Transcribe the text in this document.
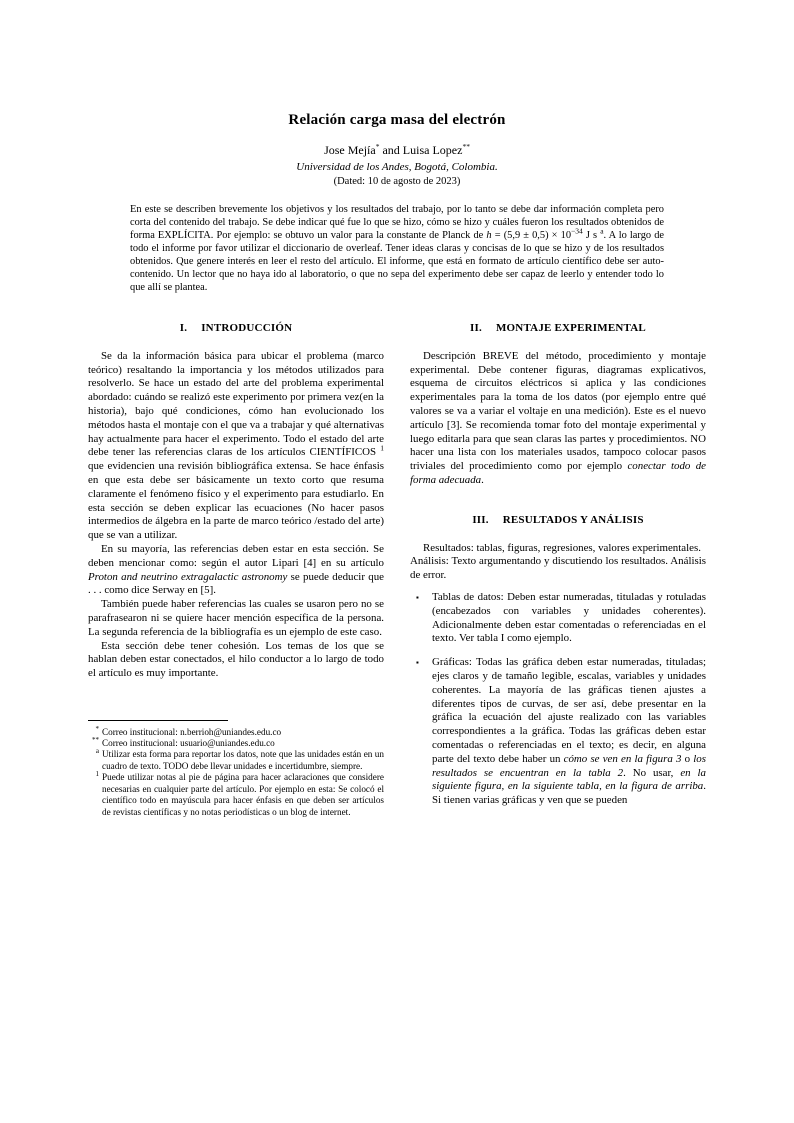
Relación carga masa del electrón
Jose Mejía* and Luisa Lopez**
Universidad de los Andes, Bogotá, Colombia.
(Dated: 10 de agosto de 2023)
En este se describen brevemente los objetivos y los resultados del trabajo, por lo tanto se debe dar información completa pero corta del contenido del trabajo. Se debe indicar qué fue lo que se hizo, cómo se hizo y cuáles fueron los resultados obtenidos de forma EXPLÍCITA. Por ejemplo: se obtuvo un valor para la constante de Planck de $h = (5,9 \pm 0,5) \times 10^{-34}$ J s $^a$. A lo largo de todo el informe por favor utilizar el diccionario de overleaf. Tener ideas claras y concisas de lo que se hizo y de los resultados obtenidos. Que genere interés en leer el resto del artículo. El informe, que está en formato de artículo científico debe ser auto-contenido. Un lector que no haya ido al laboratorio, o que no sepa del experimento debe ser capaz de leerlo y entender todo lo que allí se plantea.
I. INTRODUCCIÓN

Se da la información básica para ubicar el problema (marco teórico) resaltando la importancia y los métodos utilizados para resolverlo. Se hace un estado del arte del problema experimental abordado: cuándo se realizó este experimento por primera vez(en la historia), bajo qué condiciones, cómo han evolucionado los métodos hasta el montaje con el que va a trabajar y qué alternativas hay actualmente para hacer el experimento. Todo el estado del arte debe tener las referencias claras de los artículos CIENTÍFICOS $^1$ que evidencien una revisión bibliográfica extensa. Se hace énfasis en que esta debe ser básicamente un texto corto que resuma claramente el fenómeno físico y el experimento para estudiarlo. En esta sección se deben explicar las ecuaciones (No hacer pasos intermedios de álgebra en la parte de marco teórico /estado del arte) que se van a utilizar.

En su mayoría, las referencias deben estar en esta sección. Se deben mencionar como: según el autor Lipari [4] en su artículo Proton and neutrino extragalactic astronomy se puede deducir que . . . como dice Serway en [5].

También puede haber referencias las cuales se usaron pero no se parafrasearon ni se quiere hacer mención específica de la persona. La segunda referencia de la bibliografía es un ejemplo de este caso.

Esta sección debe tener cohesión. Los temas de los que se hablan deben estar conectados, el hilo conductor a lo largo de todo el artículo es muy importante.

* Correo institucional: n.berrioh@uniandes.edu.co
** Correo institucional: usuario@uniandes.edu.co
$^a$ Utilizar esta forma para reportar los datos, note que las unidades están en un cuadro de texto. TODO debe llevar unidades e incertidumbre, siempre.
$^1$ Puede utilizar notas al pie de página para hacer aclaraciones que considere necesarias en cualquier parte del artículo. Por ejemplo en esta: Se colocó el científico todo en mayúscula para hacer énfasis en que deben ser artículos de revistas científicas y no notas periodísticas o un blog de internet.
II. MONTAJE EXPERIMENTAL

Descripción BREVE del método, procedimiento y montaje experimental. Debe contener figuras, diagramas explicativos, esquema de circuitos eléctricos si aplica y las condiciones experimentales para la toma de los datos (por ejemplo entre qué valores se va a variar el voltaje en una medición). Este es el nuevo artículo [3]. Se recomienda tomar foto del montaje experimental y luego editarla para que sean claras las partes y procedimientos. NO hacer una lista con los materiales usados, tampoco colocar pasos triviales del procedimiento como por ejemplo conectar todo de forma adecuada.

III. RESULTADOS Y ANÁLISIS

Resultados: tablas, figuras, regresiones, valores experimentales.

Análisis: Texto argumentando y discutiendo los resultados. Análisis de error.

▪	Tablas de datos: Deben estar numeradas, tituladas y rotuladas (encabezados con variables y unidades coherentes). Adicionalmente deben estar comentadas o referenciadas en el texto. Ver tabla I como ejemplo.
▪	Gráficas: Todas las gráfica deben estar numeradas, tituladas; ejes claros y de tamaño legible, escalas, variables y unidades coherentes. La mayoría de las gráficas tienen ajustes a diferentes tipos de curvas, de ser así, debe presentar en la gráfica la ecuación del ajuste realizado con las variables correspondientes a la gráfica. Todas las gráficas deben estar comentadas o referenciadas en el texto; es decir, en alguna parte del texto debe haber un cómo se ven en la figura 3 o los resultados se encuentran en la tabla 2. No usar, en la siguiente figura, en la siguiente tabla, en la figura de arriba. Si tienen varias gráficas y ven que se pueden
